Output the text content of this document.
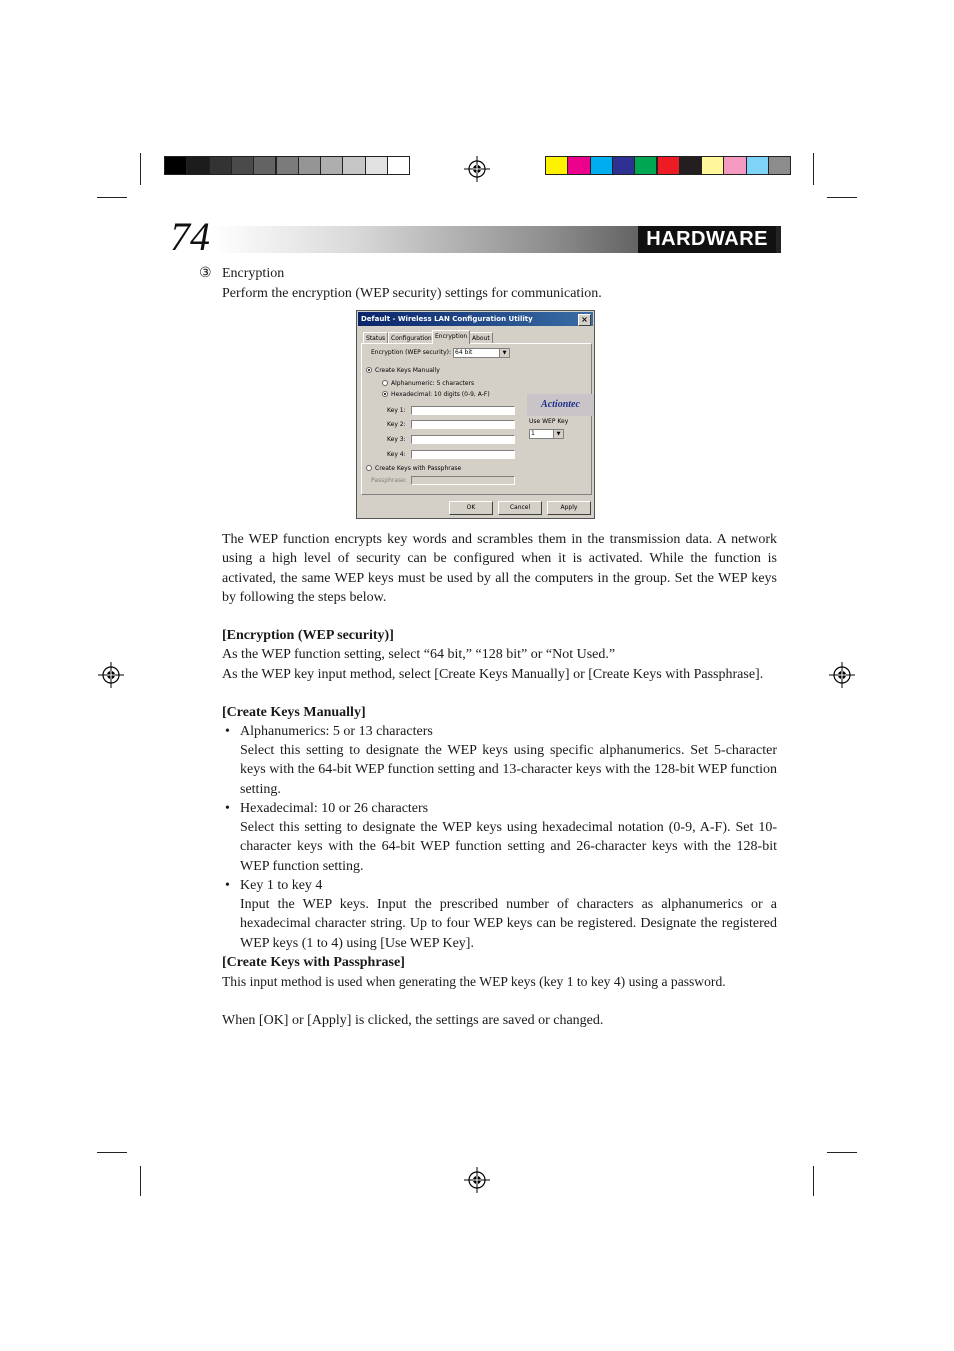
74	HARDWARE
③ Encryption
Perform the encryption (WEP security) settings for communication.
Default - Wireless LAN Configuration Utility	×
Status Configuration Encryption About
Encryption (WEP security): 64 bit	▼
Create Keys Manually
Alphanumeric: 5 characters
Hexadecimal: 10 digits (0-9, A-F)
Key 1:
Key 2:
Key 3:
Key 4:
Actiontec
Use WEP Key
1	▼
Create Keys with Passphrase
Passphrase:
OK	Cancel	Apply
The WEP function encrypts key words and scrambles them in the transmission data. A network using a high level of security can be configured when it is activated. While the function is activated, the same WEP keys must be used by all the computers in the group. Set the WEP keys by following the steps below.
[Encryption (WEP security)]
As the WEP function setting, select “64 bit,” “128 bit” or “Not Used.”
As the WEP key input method, select [Create Keys Manually] or [Create Keys with Passphrase].
[Create Keys Manually]
• Alphanumerics: 5 or 13 characters
Select this setting to designate the WEP keys using specific alphanumerics. Set 5-character keys with the 64-bit WEP function setting and 13-character keys with the 128-bit WEP function setting.
• Hexadecimal: 10 or 26 characters
Select this setting to designate the WEP keys using hexadecimal notation (0-9, A-F). Set 10-character keys with the 64-bit WEP function setting and 26-character keys with the 128-bit WEP function setting.
• Key 1 to key 4
Input the WEP keys. Input the prescribed number of characters as alphanumerics or a hexadecimal character string. Up to four WEP keys can be registered. Designate the registered WEP keys (1 to 4) using [Use WEP Key].
[Create Keys with Passphrase]
This input method is used when generating the WEP keys (key 1 to key 4) using a password.
When [OK] or [Apply] is clicked, the settings are saved or changed.
